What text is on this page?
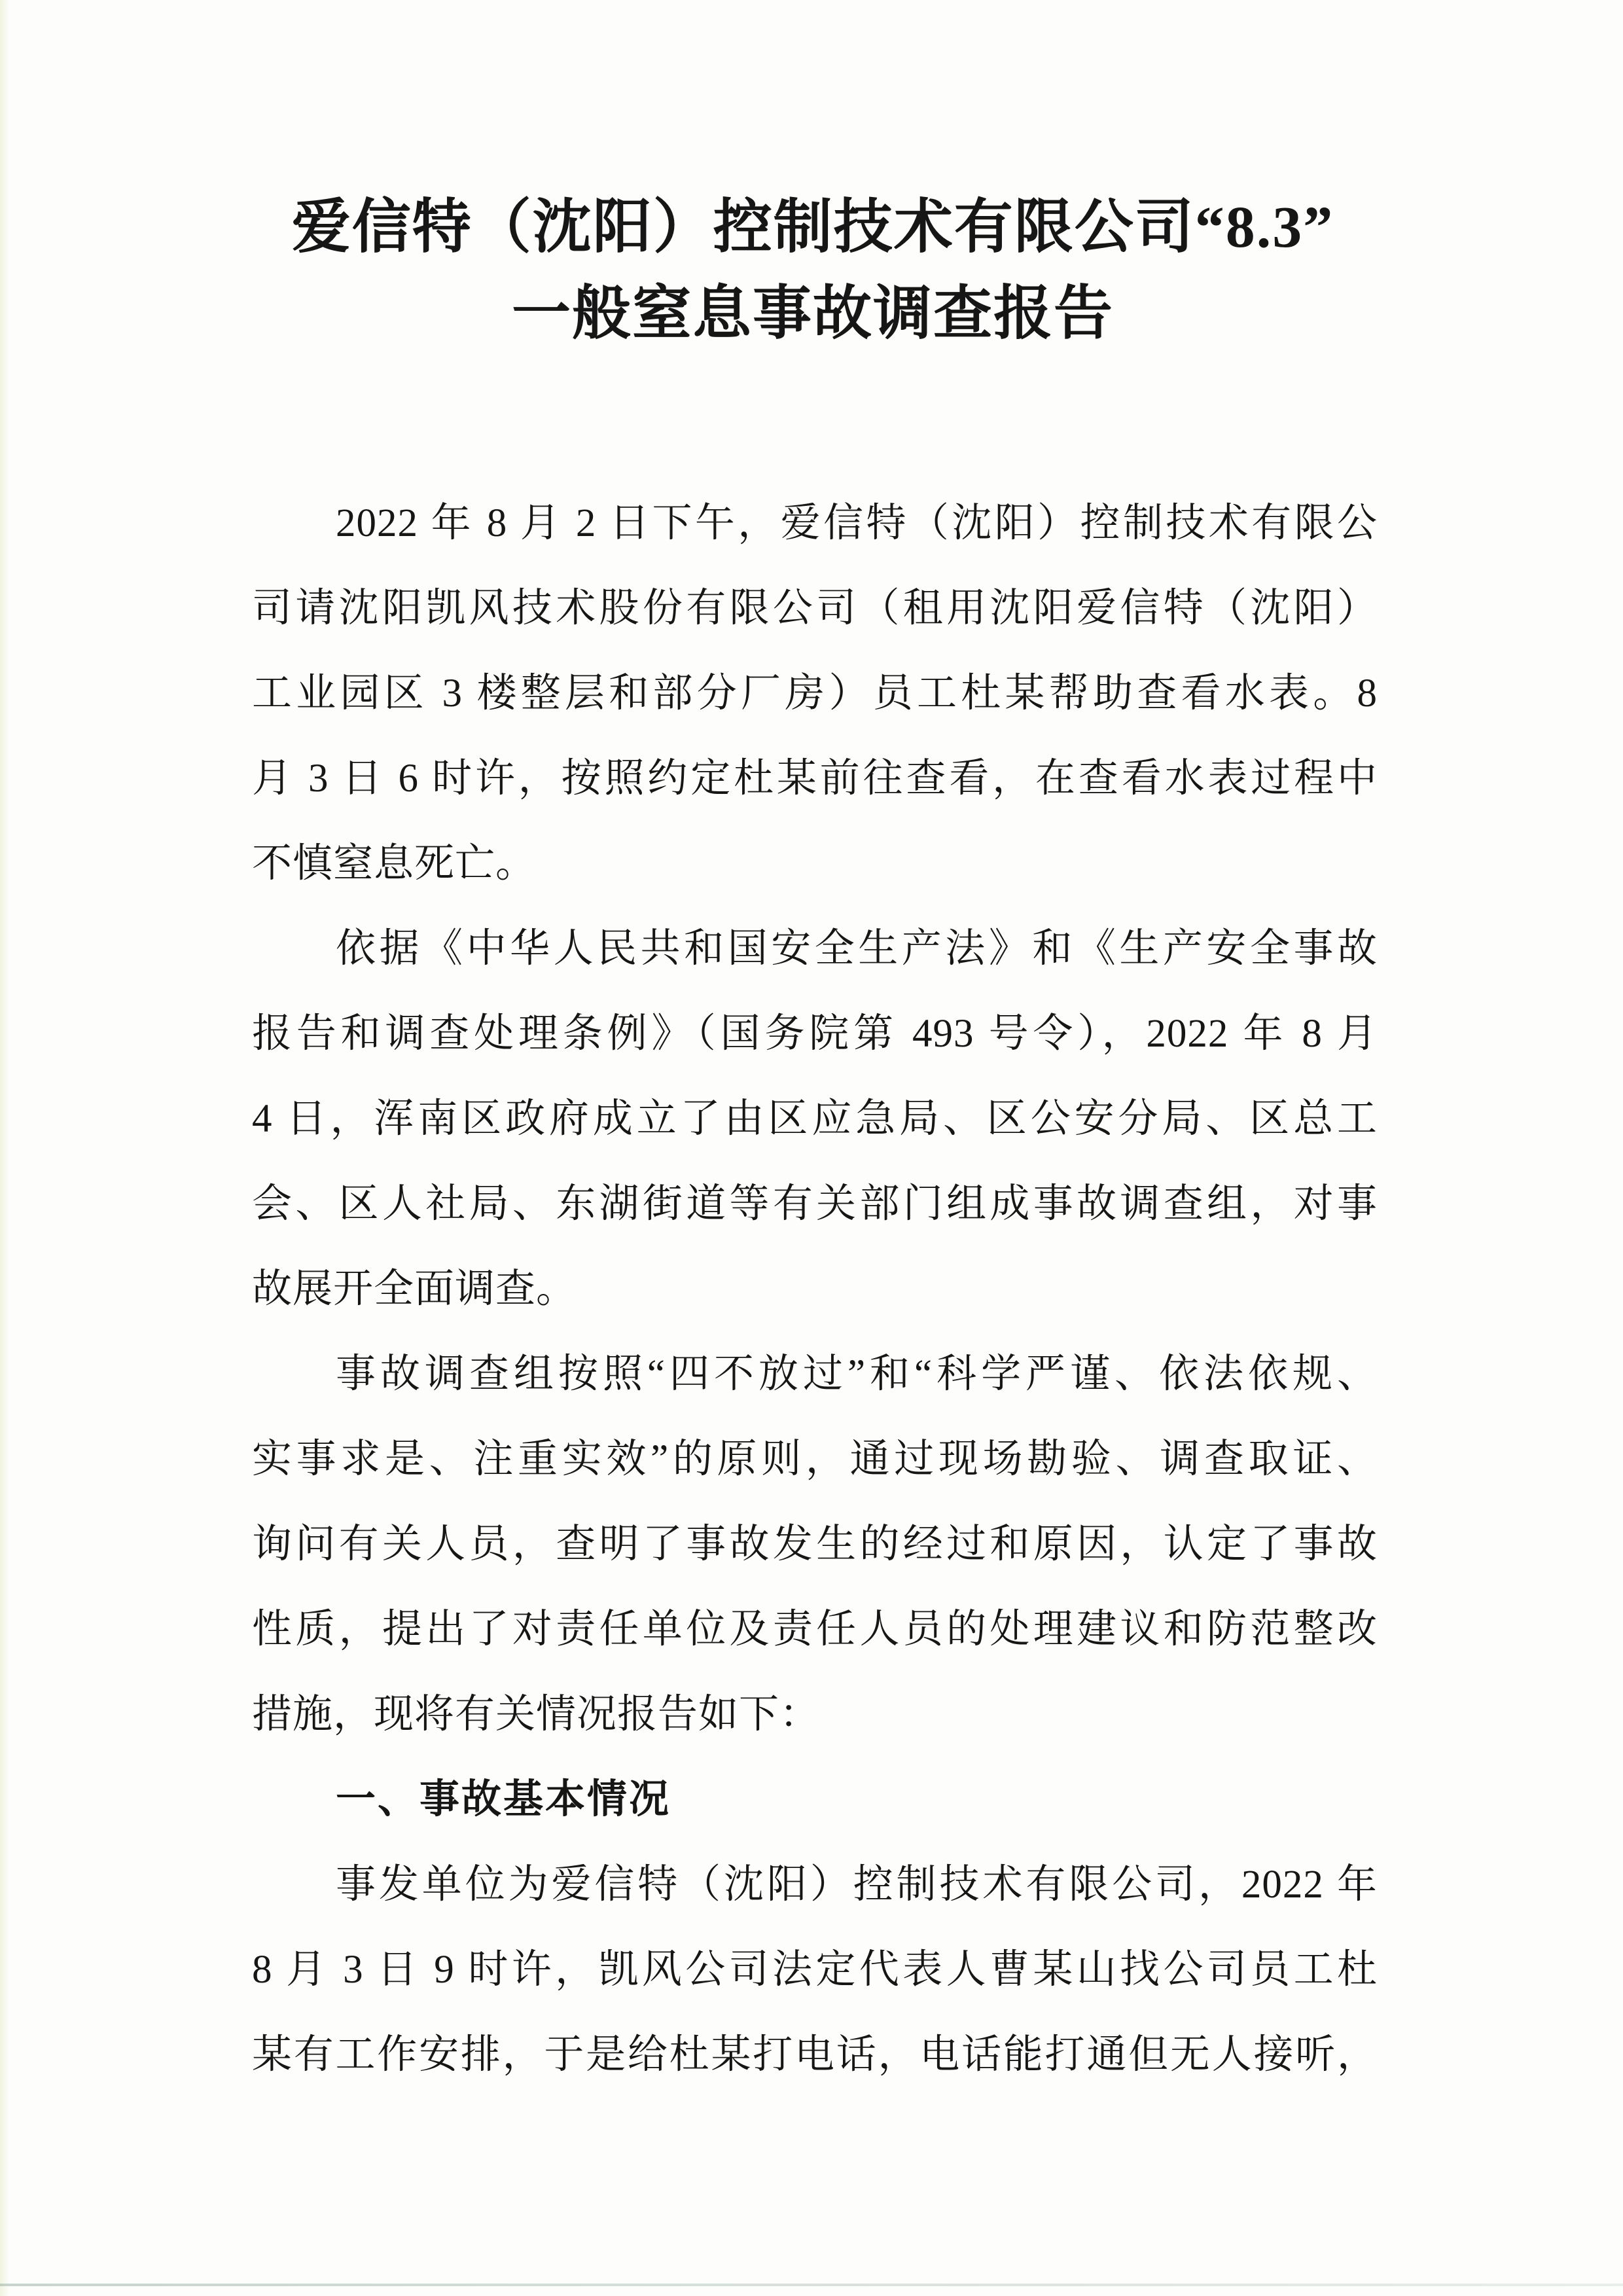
爱信特（沈阳）控制技术有限公司“8.3”
一般窒息事故调查报告
2022 年 8 月 2 日下午，爱信特（沈阳）控制技术有限公
司请沈阳凯风技术股份有限公司（租用沈阳爱信特（沈阳）
工业园区 3 楼整层和部分厂房）员工杜某帮助查看水表。8
月 3 日 6 时许，按照约定杜某前往查看，在查看水表过程中
不慎窒息死亡。
依据《中华人民共和国安全生产法》和《生产安全事故
报告和调查处理条例》（国务院第 493 号令），2022 年 8 月
4 日，浑南区政府成立了由区应急局、区公安分局、区总工
会、区人社局、东湖街道等有关部门组成事故调查组，对事
故展开全面调查。
事故调查组按照“四不放过”和“科学严谨、依法依规、
实事求是、注重实效”的原则，通过现场勘验、调查取证、
询问有关人员，查明了事故发生的经过和原因，认定了事故
性质，提出了对责任单位及责任人员的处理建议和防范整改
措施，现将有关情况报告如下：
一、事故基本情况
事发单位为爱信特（沈阳）控制技术有限公司，2022 年
8 月 3 日 9 时许，凯风公司法定代表人曹某山找公司员工杜
某有工作安排，于是给杜某打电话，电话能打通但无人接听，
